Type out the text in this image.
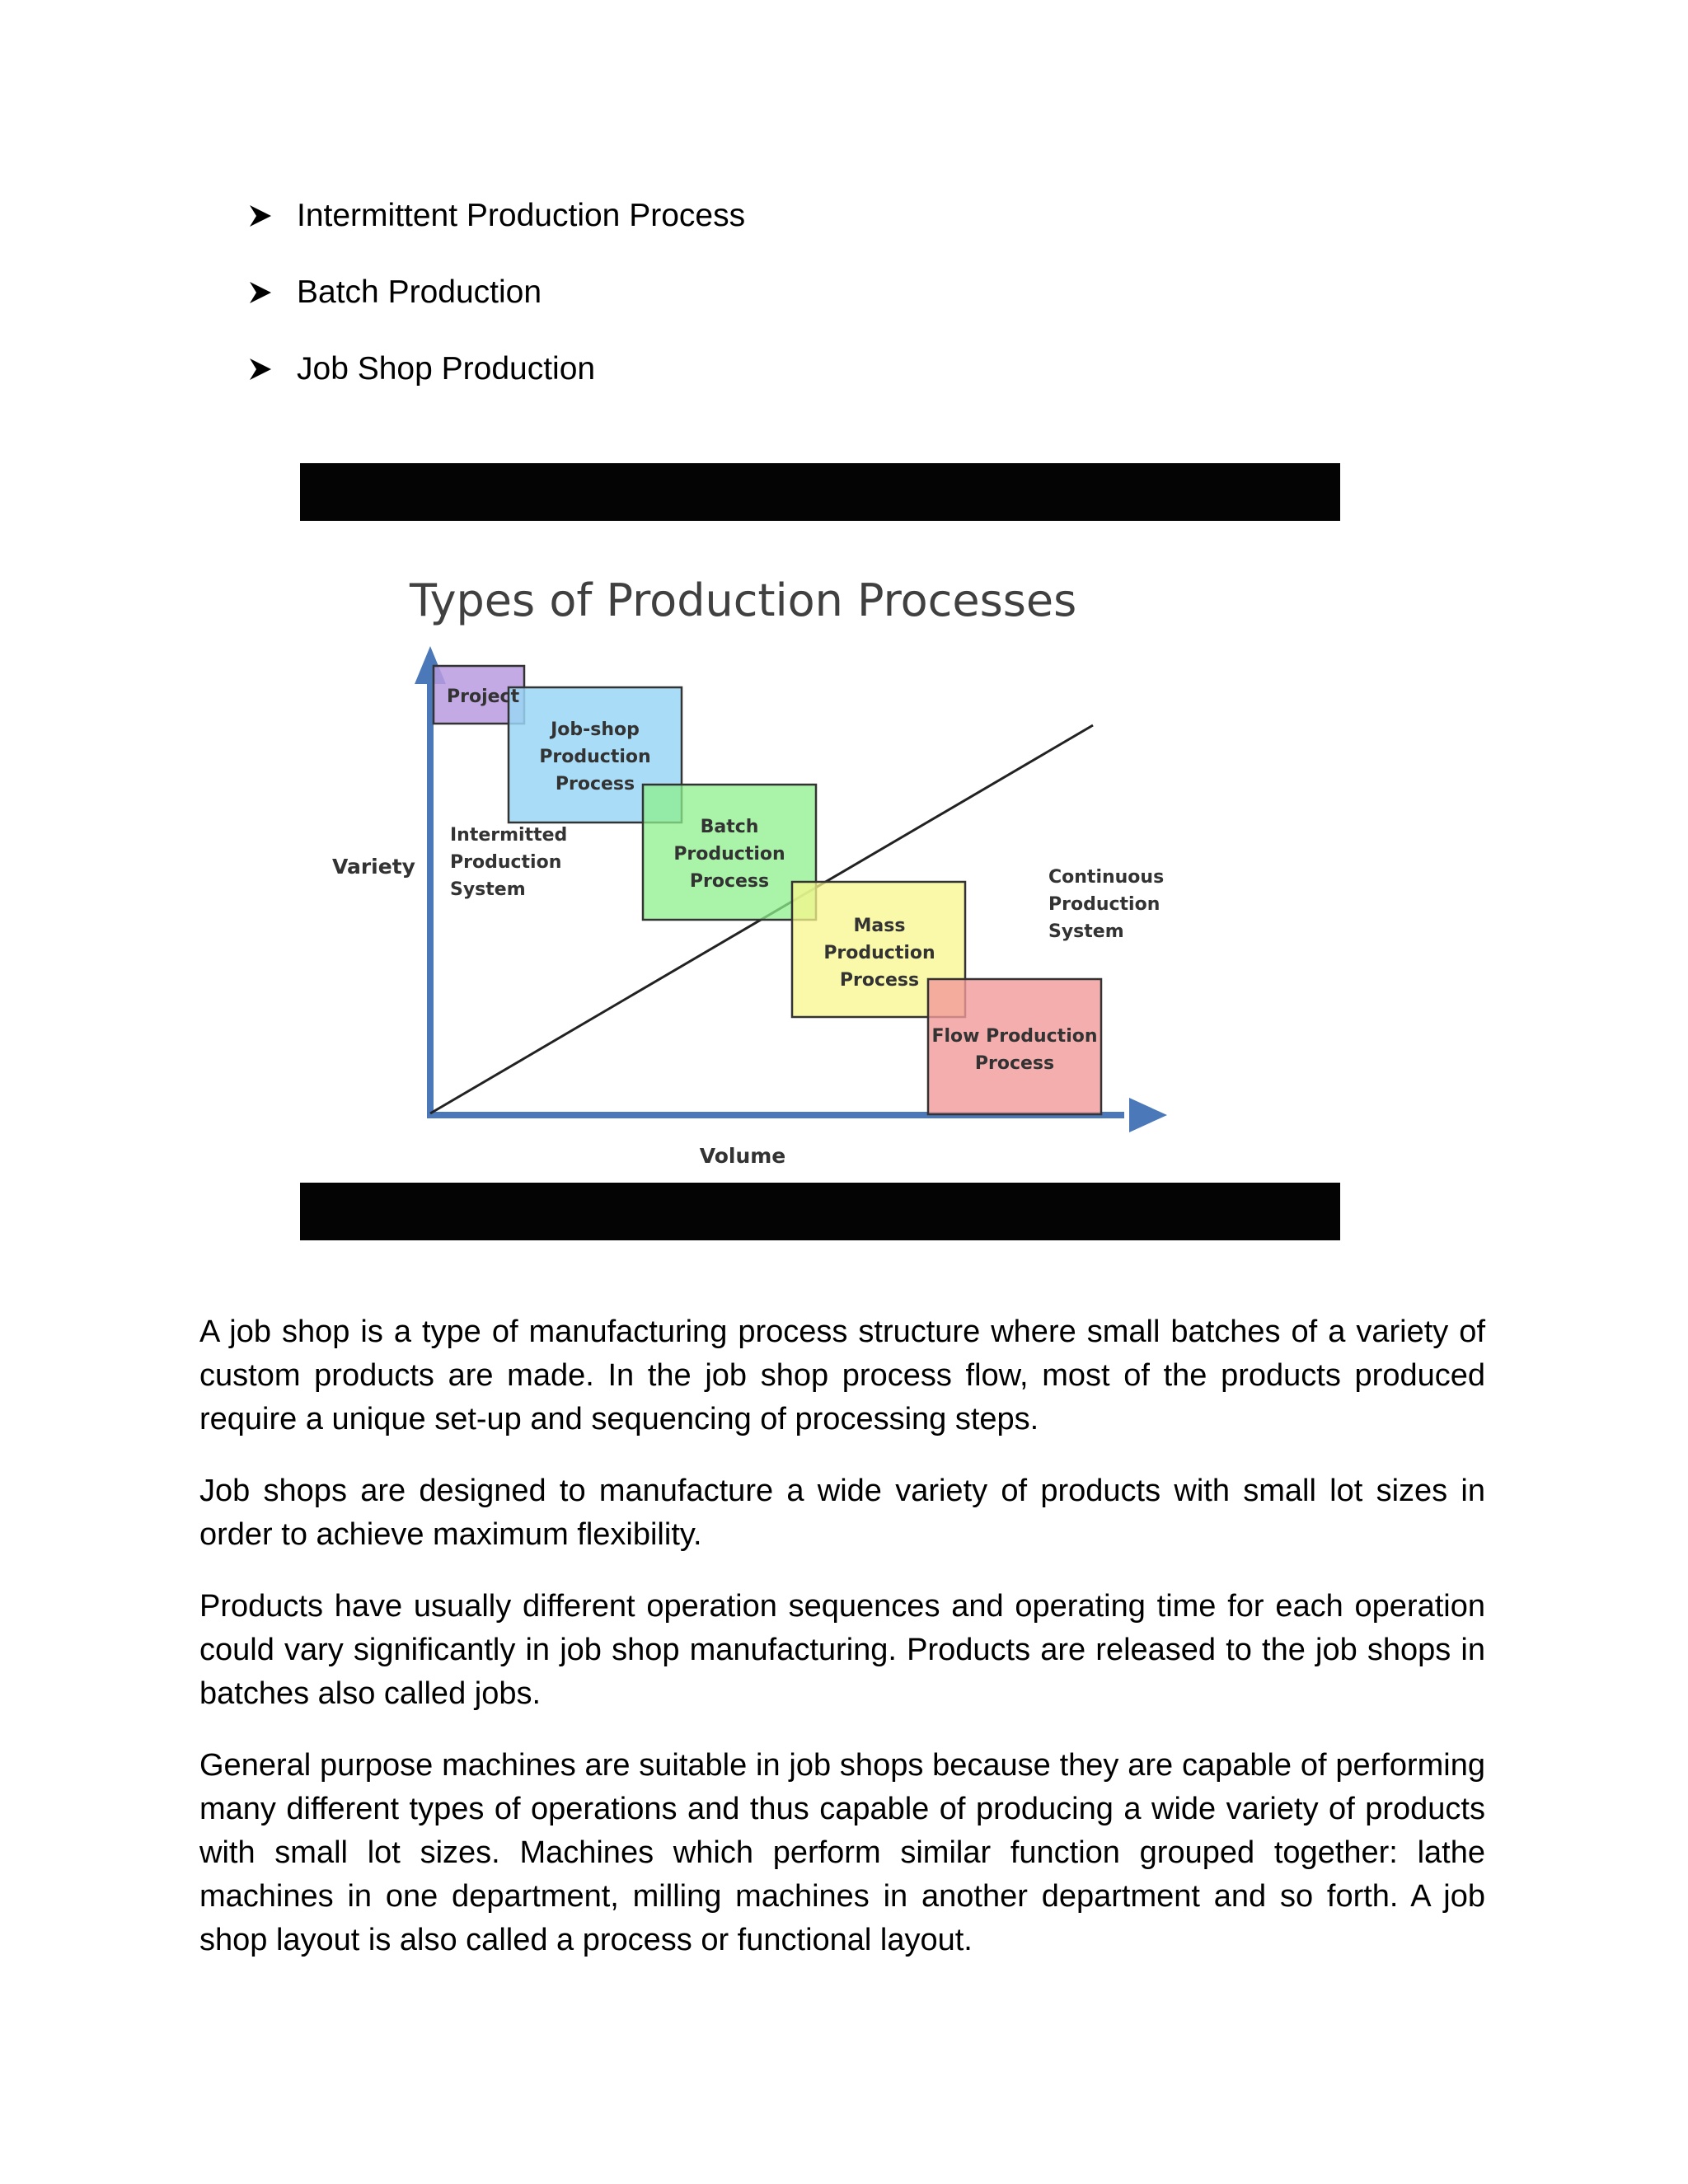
Intermittent Production Process
Batch Production
Job Shop Production
Types of Production Processes
Project
Job-shop
Production
Process
Batch
Production
Process
Mass
Production
Process
Flow Production
Process
Intermitted
Production
System
Continuous
Production
System
Variety
Volume

A job shop is a type of manufacturing process structure where small batches of a variety of custom products are made. In the job shop process flow, most of the products produced require a unique set-up and sequencing of processing steps.

Job shops are designed to manufacture a wide variety of products with small lot sizes in order to achieve maximum flexibility.

Products have usually different operation sequences and operating time for each operation could vary significantly in job shop manufacturing. Products are released to the job shops in batches also called jobs.

General purpose machines are suitable in job shops because they are capable of performing many different types of operations and thus capable of producing a wide variety of products with small lot sizes. Machines which perform similar function grouped together: lathe machines in one department, milling machines in another department and so forth. A job shop layout is also called a process or functional layout.
